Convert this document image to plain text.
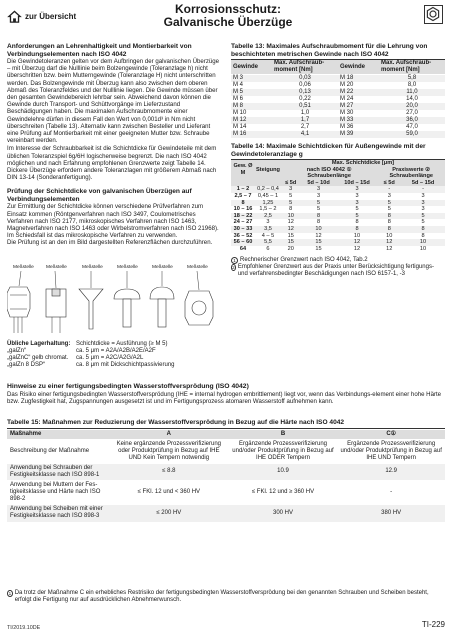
zur Übersicht
Korrosionsschutz:
Galvanische Überzüge
Anforderungen an Lehrenhaltigkeit und Montierbarkeit von Verbindungselementen nach ISO 4042

Die Gewindetoleranzen gelten vor dem Aufbringen der galvanischen Überzüge – mit Überzug darf die Nulllinie beim Bolzengewinde (Toleranzlage h) nicht überschritten bzw. beim Mutterngewinde (Toleranzlage H) nicht unterschritten werden. Das Bolzengewinde mit Überzug kann also zwischen dem oberen Abmaß des Toleranzfeldes und der Nulllinie liegen. Die Gewinde müssen über den gesamten Gewindebereich lehrbar sein. Abweichend davon können die Gewinde durch Transport- und Schüttvorgänge im Lieferzustand Beschädigungen haben. Die maximalen Aufschraubmomente einer Gewindelehre dürfen in diesem Fall den Wert von 0,001d³ in Nm nicht überschreiten (Tabelle 13). Alternativ kann zwischen Besteller und Lieferant eine Prüfung auf Montierbarkeit mit einer geeigneten Mutter bzw. Schraube vereinbart werden.

Im Interesse der Schraubbarkeit ist die Schichtdicke für Gewindeteile mit dem üblichen Toleranzspiel 6g/6H logischerweise begrenzt. Die nach ISO 4042 möglichen und nach Erfahrung empfohlenen Grenzwerte zeigt Tabelle 14. Dickere Überzüge erfordern andere Toleranzlagen mit größerem Abmaß nach DIN 13-14 (Sonderanfertigung).

Prüfung der Schichtdicke von galvanischen Überzügen auf Verbindungselementen

Zur Ermittlung der Schichtdicke können verschiedene Prüfverfahren zum Einsatz kommen (Röntgenverfahren nach ISO 3497, Coulometrisches Verfahren nach ISO 2177, mikroskopisches Verfahren nach ISO 1463, Magnetverfahren nach ISO 1463 oder Wirbelstromverfahren nach ISO 21968). Im Schiedsfall ist das mikroskopische Verfahren zu verwenden.

Die Prüfung ist an den im Bild dargestellten Referenzflächen durchzuführen.

Meßstelle	Meßstelle	Meßstelle	Meßstelle	Meßstelle	Meßstelle
Übliche Lagerhaltung: Schichtdicke = Ausführung (≥ M 5)
„galZn“	ca. 5 μm = A2A/A2B/A2E/A2F
„galZnC“ gelb chromat.	ca. 5 μm = A2C/A2G/A2L
„galZn 8 DSP“	ca. 8 μm mit Dickschichtpassivierung
Tabelle 13: Maximales Aufschraubmoment für die Lehrung von beschichteten metrischen Gewinde nach ISO 4042
Gewinde	Max. Aufschraub-moment [Nm]	Gewinde	Max. Aufschraub-moment [Nm]
M 3	0,03	M 18	5,8
M 4	0,06	M 20	8,0
M 5	0,13	M 22	11,0
M 6	0,22	M 24	14,0
M 8	0,51	M 27	20,0
M 10	1,0	M 30	27,0
M 12	1,7	M 33	36,0
M 14	2,7	M 36	47,0
M 16	4,1	M 39	59,0
Tabelle 14: Maximale Schichtdicken für Außengewinde mit der Gewindetoleranzlage g
Gew. Ø M	Steigung	Max. Schichtdicke [μm]				
		nach ISO 4042 ①			Praxiswerte ②	
		Schraubenlänge			Schraubenlänge	
		≤ 5d	5d – 10d	10d – 15d	≤ 5d	5d – 15d
1 – 2	0,2 – 0,4	3	3	3	-	-
2,5 – 7	0,45 – 1	5	3	3	3	3
8	1,25	5	5	3	5	3
10 – 16	1,5 – 2	8	5	5	5	3
18 – 22	2,5	10	8	5	8	5
24 – 27	3	12	8	8	8	5
30 – 33	3,5	12	10	8	8	8
36 – 52	4 – 5	15	12	10	10	8
56 – 60	5,5	15	15	12	12	10
64	6	20	15	12	12	10
1 Rechnerischer Grenzwert nach ISO 4042, Tab.2
2 Empfohlener Grenzwert aus der Praxis unter Berücksichtigung fertigungs- und verfahrensbedingter Beschädigungen nach ISO 6157-1, -3
Hinweise zu einer fertigungsbedingten Wasserstoffversprödung (ISO 4042)

Das Risiko einer fertigungsbedingten Wasserstoffversprödung (IHE = internal hydrogen embrittlement) liegt vor, wenn das Verbindungs-element einer hohe Härte bzw. Zugfestigkeit hat, Zugspannungen ausgesetzt ist und im Fertigungsprozess atomaren Wasserstoff aufnehmen kann.

Tabelle 15: Maßnahmen zur Reduzierung der Wasserstoffversprödung in Bezug auf die Härte nach ISO 4042
Maßnahme	A	B	C①
Beschreibung der Maßnahme	Keine ergänzende Prozessverifizierung oder Produktprüfung in Bezug auf IHE UND Kein Tempern notwendig	Ergänzende Prozessverifizierung und/oder Produktprüfung in Bezug auf IHE ODER Tempern	Ergänzende Prozessverifizierung und/oder Produktprüfung in Bezug auf IHE UND Tempern
Anwendung bei Schrauben der Festigkeitsklasse nach ISO 898-1	≤ 8.8	10.9	12.9
Anwendung bei Muttern der Fes-tigkeitsklasse und Härte nach ISO 898-2	≤ FKl. 12 und < 360 HV	≤ FKl. 12 und ≥ 360 HV	-
Anwendung bei Scheiben mit einer Festigkeitsklasse nach ISO 898-3	≤ 200 HV	300 HV	380 HV
1 Da trotz der Maßnahme C ein erhebliches Restrisiko der fertigungsbedingten Wasserstoffversprödung bei den genannten Schrauben und Scheiben besteht, erfolgt die Fertigung nur auf ausdrücklichen Abnehmerwunsch.
TI/2019.10DE	TI-229
